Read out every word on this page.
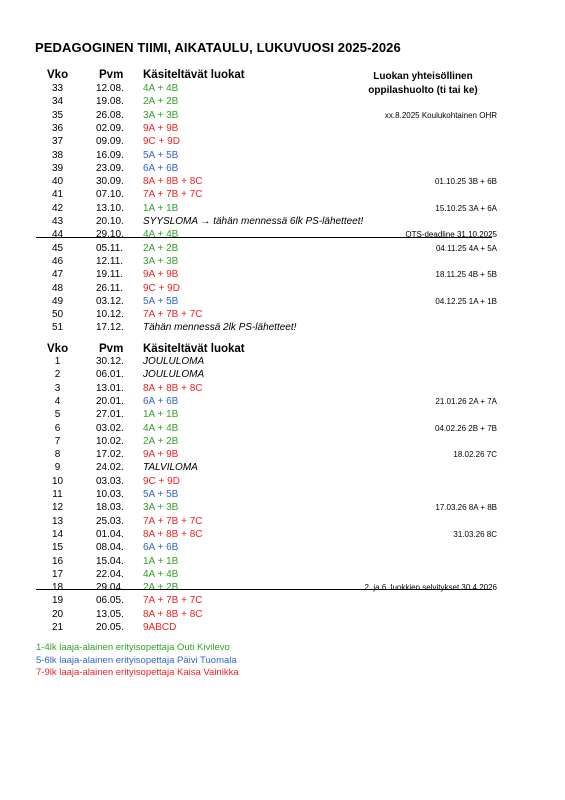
PEDAGOGINEN TIIMI, AIKATAULU, LUKUVUOSI 2025-2026
Vko	Pvm Käsiteltävät luokat	Luokan yhteisöllinen
oppilashuolto (ti tai ke)
33	12.08. 4A + 4B
34	19.08. 2A + 2B
35	26.08. 3A + 3B	xx.8.2025 Koulukohtainen OHR
36	02.09. 9A + 9B
37	09.09. 9C + 9D
38	16.09. 5A + 5B
39	23.09. 6A + 6B
40	30.09. 8A + 8B + 8C	01.10.25 3B + 6B
41	07.10. 7A + 7B + 7C
42	13.10. 1A + 1B	15.10.25 3A + 6A
43	20.10. SYYSLOMA → tähän mennessä 6lk PS-lähetteet!
44	29.10. 4A + 4B	OTS-deadline 31.10.2025
45	05.11. 2A + 2B	04.11.25 4A + 5A
46	12.11. 3A + 3B
47	19.11. 9A + 9B	18.11.25 4B + 5B
48	26.11. 9C + 9D
49	03.12. 5A + 5B	04.12.25 1A + 1B
50	10.12. 7A + 7B + 7C
51	17.12. Tähän mennessä 2lk PS-lähetteet!
Vko	Pvm Käsiteltävät luokat
1	30.12. JOULULOMA
2	06.01. JOULULOMA
3	13.01. 8A + 8B + 8C
4	20.01. 6A + 6B	21.01.26 2A + 7A
5	27.01. 1A + 1B
6	03.02. 4A + 4B	04.02.26 2B + 7B
7	10.02. 2A + 2B
8	17.02. 9A + 9B	18.02.26 7C
9	24.02. TALVILOMA
10	03.03. 9C + 9D
11	10.03. 5A + 5B
12	18.03. 3A + 3B	17.03.26 8A + 8B
13	25.03. 7A + 7B + 7C
14	01.04. 8A + 8B + 8C	31.03.26 8C
15	08.04. 6A + 6B
16	15.04. 1A + 1B
17	22.04. 4A + 4B
18	29.04. 2A + 2B	2. ja 6. luokkien selvitykset 30.4.2026
19	06.05. 7A + 7B + 7C
20	13.05. 8A + 8B + 8C
21	20.05. 9ABCD
1-4lk laaja-alainen erityisopettaja Outi Kivilevo
5-6lk laaja-alainen erityisopettaja Päivi Tuomala
7-9lk laaja-alainen erityisopettaja Kaisa Vainikka
